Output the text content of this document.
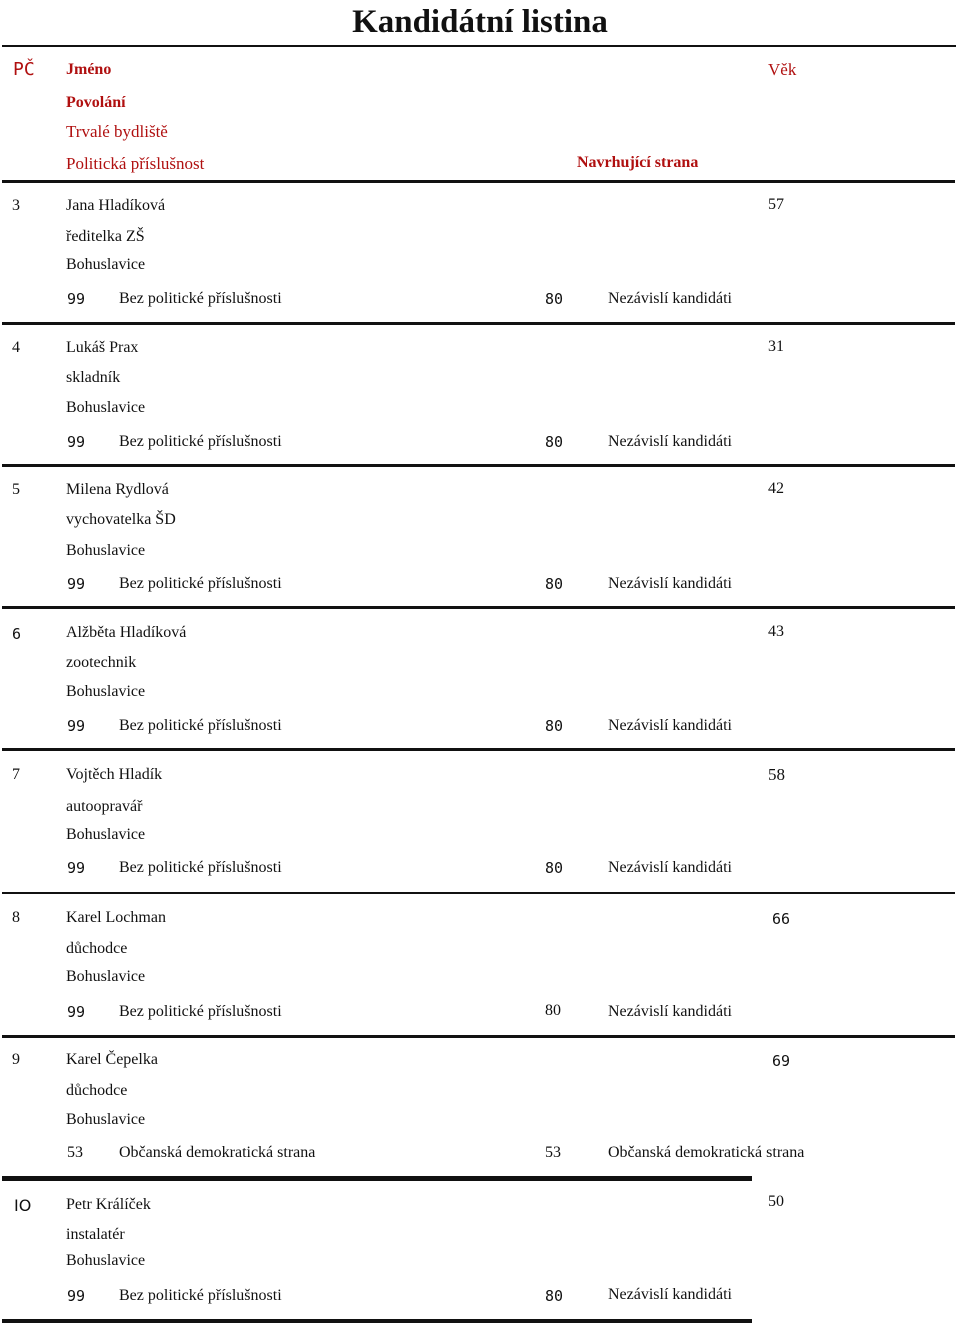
Kandidátní listina
PČ Jméno	Věk
Povolání
Trvalé bydliště
Politická příslušnost	Navrhující strana
3	Jana Hladíková	57
ředitelka ZŠ
Bohuslavice
99 Bez politické příslušnosti	80	Nezávislí kandidáti
4	Lukáš Prax	31
skladník
Bohuslavice
99 Bez politické příslušnosti	80	Nezávislí kandidáti
5	Milena Rydlová	42
vychovatelka ŠD
Bohuslavice
99 Bez politické příslušnosti	80	Nezávislí kandidáti
6	Alžběta Hladíková	43
zootechnik
Bohuslavice
99 Bez politické příslušnosti	80	Nezávislí kandidáti
7	Vojtěch Hladík	58
autoopravář
Bohuslavice
99 Bez politické příslušnosti	80	Nezávislí kandidáti
8	Karel Lochman	66
důchodce
Bohuslavice
99 Bez politické příslušnosti	80	Nezávislí kandidáti
9	Karel Čepelka	69
důchodce
Bohuslavice
53 Občanská demokratická strana	53	Občanská demokratická strana
IO Petr Králíček	50
instalatér
Bohuslavice
99 Bez politické příslušnosti	80	Nezávislí kandidáti
